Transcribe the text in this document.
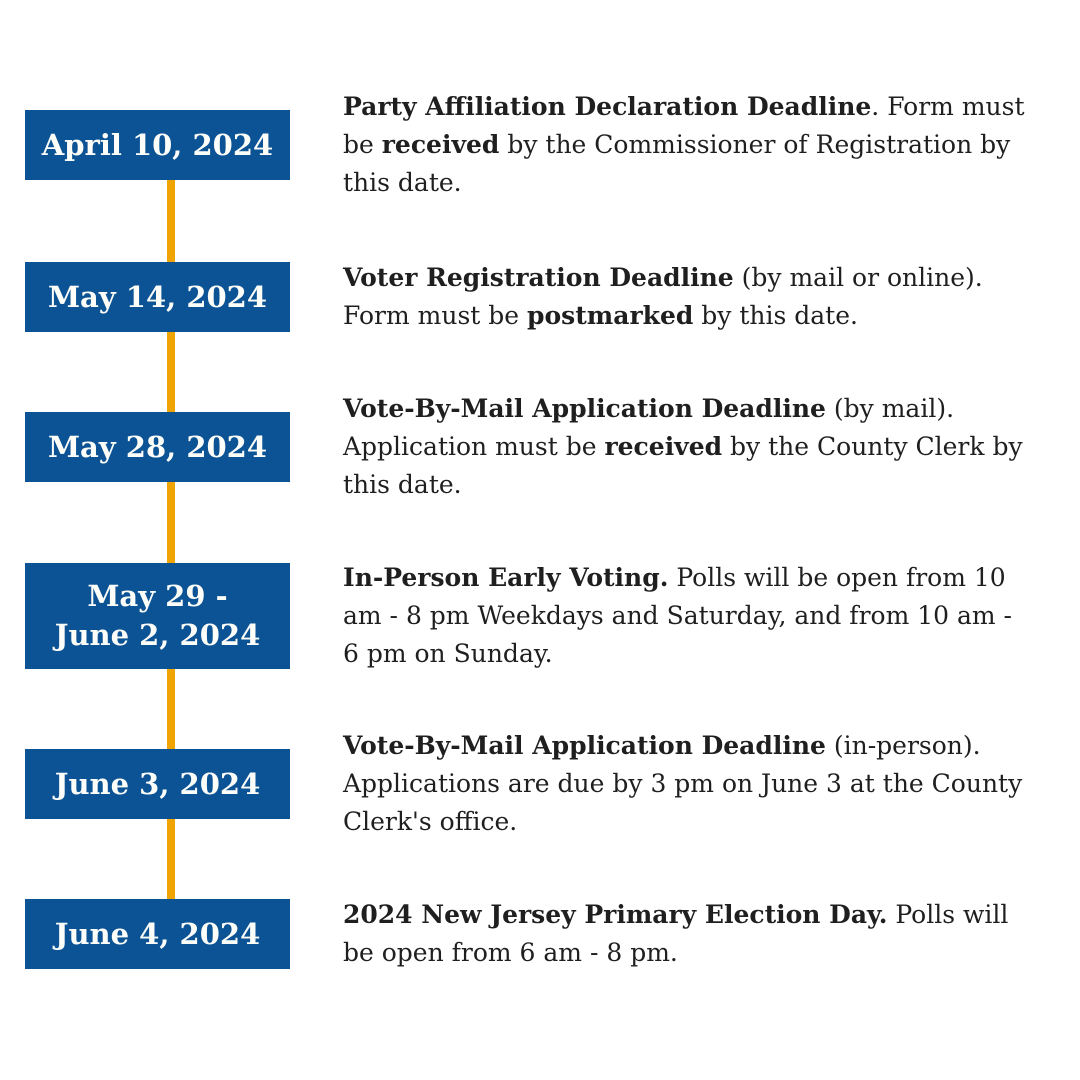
April 10, 2024
Party Affiliation Declaration Deadline. Form must be received by the Commissioner of Registration by this date.
May 14, 2024
Voter Registration Deadline (by mail or online). Form must be postmarked by this date.
May 28, 2024
Vote-By-Mail Application Deadline (by mail). Application must be received by the County Clerk by this date.
May 29 -
June 2, 2024
In-Person Early Voting. Polls will be open from 10 am - 8 pm Weekdays and Saturday, and from 10 am - 6 pm on Sunday.
June 3, 2024
Vote-By-Mail Application Deadline (in-person). Applications are due by 3 pm on June 3 at the County Clerk's office.
June 4, 2024
2024 New Jersey Primary Election Day. Polls will be open from 6 am - 8 pm.
